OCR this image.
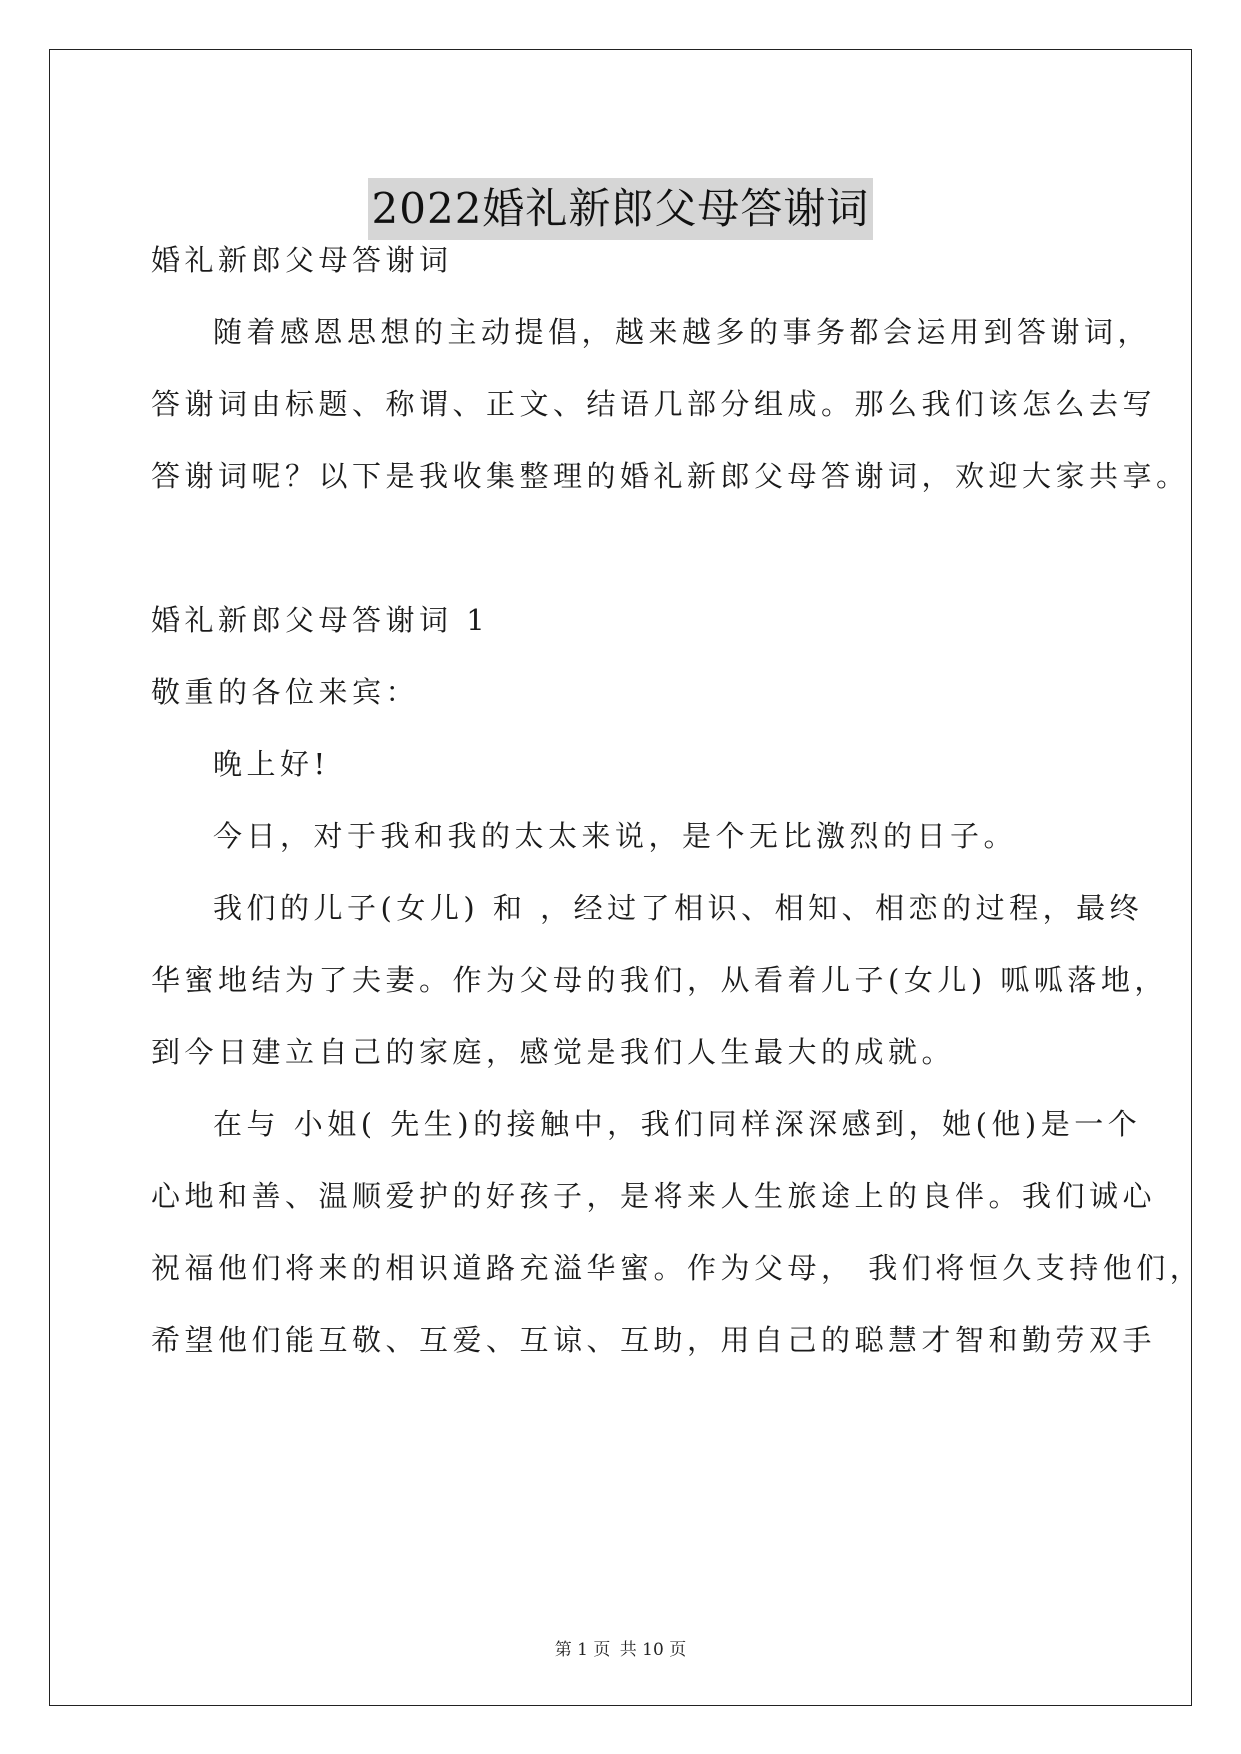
2022婚礼新郎父母答谢词
婚礼新郎父母答谢词
随着感恩思想的主动提倡，越来越多的事务都会运用到答谢词，
答谢词由标题、称谓、正文、结语几部分组成。那么我们该怎么去写
答谢词呢？以下是我收集整理的婚礼新郎父母答谢词，欢迎大家共享。
婚礼新郎父母答谢词 1
敬重的各位来宾：
晚上好!
今日，对于我和我的太太来说，是个无比激烈的日子。
我们的儿子(女儿) 和 ，经过了相识、相知、相恋的过程，最终
华蜜地结为了夫妻。作为父母的我们，从看着儿子(女儿) 呱呱落地，
到今日建立自己的家庭，感觉是我们人生最大的成就。
在与 小姐( 先生)的接触中，我们同样深深感到，她(他)是一个
心地和善、温顺爱护的好孩子，是将来人生旅途上的良伴。我们诚心
祝福他们将来的相识道路充溢华蜜。作为父母， 我们将恒久支持他们，
希望他们能互敬、互爱、互谅、互助，用自己的聪慧才智和勤劳双手
第 1 页 共 10 页
